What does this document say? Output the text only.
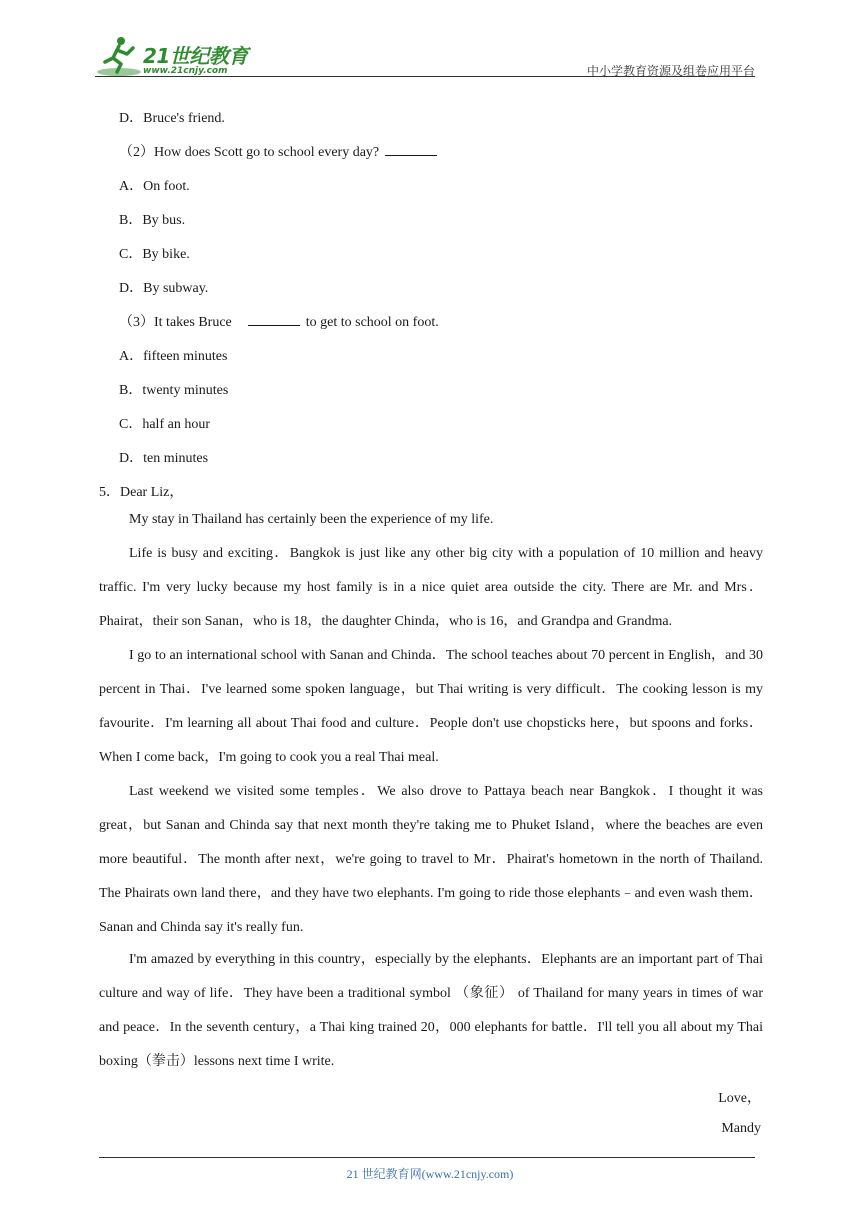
21世纪教育
www.21cnjy.com	中小学教育资源及组卷应用平台
D．Bruce's friend.
（2）How does Scott go to school every day?
A．On foot.
B．By bus.
C．By bike.
D．By subway.
（3）It takes Bruce	to get to school on foot.
A．fifteen minutes
B．twenty minutes
C．half an hour
D．ten minutes
5．Dear Liz，
My stay in Thailand has certainly been the experience of my life.
Life is busy and exciting．Bangkok is just like any other big city with a population of 10 million and heavy traffic. I'm very lucky because my host family is in a nice quiet area outside the city. There are Mr. and Mrs．Phairat，their son Sanan，who is 18，the daughter Chinda，who is 16，and Grandpa and Grandma.
I go to an international school with Sanan and Chinda．The school teaches about 70 percent in English，and 30 percent in Thai．I've learned some spoken language，but Thai writing is very difficult．The cooking lesson is my favourite．I'm learning all about Thai food and culture．People don't use chopsticks here，but spoons and forks．When I come back，I'm going to cook you a real Thai meal.
Last weekend we visited some temples．We also drove to Pattaya beach near Bangkok．I thought it was great，but Sanan and Chinda say that next month they're taking me to Phuket Island，where the beaches are even more beautiful．The month after next，we're going to travel to Mr．Phairat's hometown in the north of Thailand. The Phairats own land there，and they have two elephants. I'm going to ride those elephants﹣and even wash them．Sanan and Chinda say it's really fun.
I'm amazed by everything in this country，especially by the elephants．Elephants are an important part of Thai culture and way of life．They have been a traditional symbol （象征） of Thailand for many years in times of war and peace．In the seventh century，a Thai king trained 20，000 elephants for battle．I'll tell you all about my Thai boxing（拳击）lessons next time I write.
Love，
Mandy
21 世纪教育网(www.21cnjy.com)
